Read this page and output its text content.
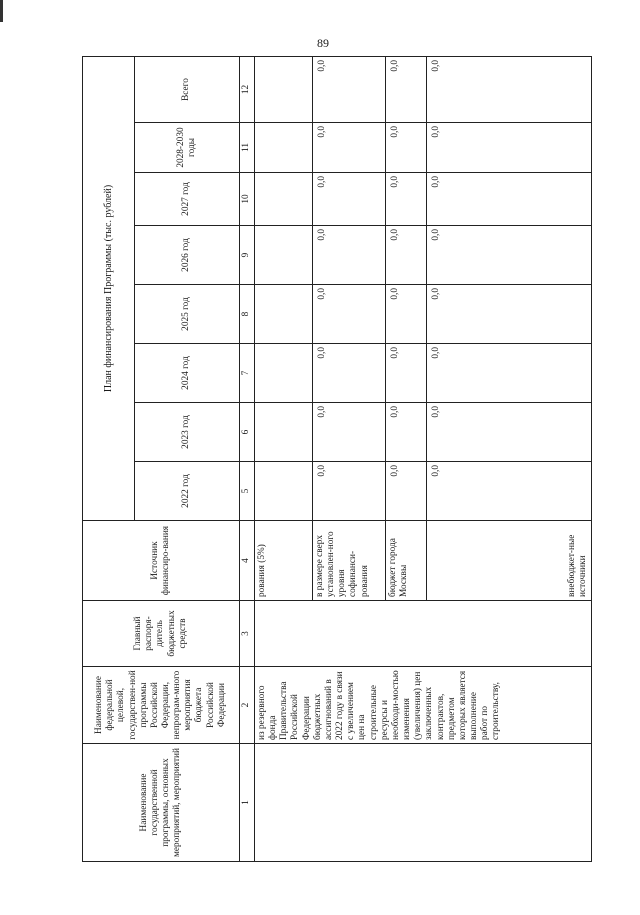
89
Наименование государственной программы, основных мероприятий, мероприятий	Наименование федеральной целевой, государствен-ной программы Российской Федерации, непрограм-много мероприятия бюджета Российской Федерации	Главный распоря-дитель бюджетных средств	Источник финансиро-вания	План финансирования Программы (тыс. рублей)							
				2022 год	2023 год	2024 год	2025 год	2026 год	2027 год	2028-2030 годы	Всего
1	2	3	4	5	6	7	8	9	10	11	12
	из резервного фонда Правительства Российской Федерации бюджетных ассигнований в 2022 году в связи с увеличением цен на строительные ресурсы и необходи-мостью изменения (увеличения) цен заключенных контрактов, предметом которых является выполнение работ по строительству,		рования (5%)								
			в размере сверх установлен-ного уровня софинанси-рования	0,0	0,0	0,0	0,0	0,0	0,0	0,0	0,0
			бюджет города Москвы	0,0	0,0	0,0	0,0	0,0	0,0	0,0	0,0
			внебюджет-ные источники	0,0	0,0	0,0	0,0	0,0	0,0	0,0	0,0
